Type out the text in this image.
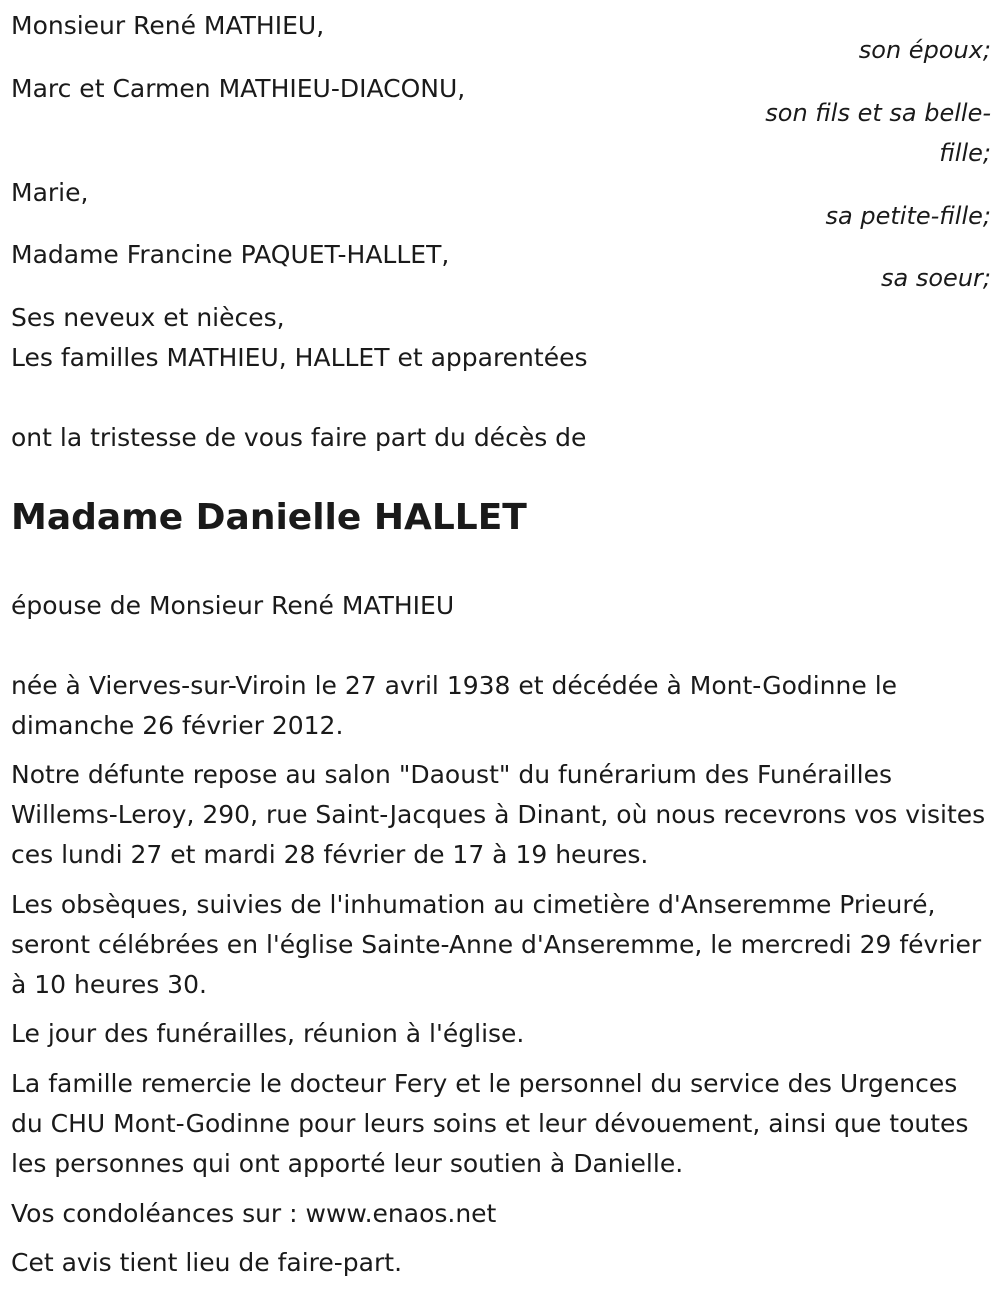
Monsieur René MATHIEU,

son époux;

Marc et Carmen MATHIEU-DIACONU,

son fils et sa belle-

fille;

Marie,

sa petite-fille;

Madame Francine PAQUET-HALLET,

sa soeur;

Ses neveux et nièces,

Les familles MATHIEU, HALLET et apparentées

ont la tristesse de vous faire part du décès de

Madame Danielle HALLET

épouse de Monsieur René MATHIEU

née à Vierves-sur-Viroin le 27 avril 1938 et décédée à Mont-Godinne le dimanche 26 février 2012.

Notre défunte repose au salon "Daoust" du funérarium des Funérailles Willems-Leroy, 290, rue Saint-Jacques à Dinant, où nous recevrons vos visites ces lundi 27 et mardi 28 février de 17 à 19 heures.

Les obsèques, suivies de l'inhumation au cimetière d'Anseremme Prieuré, seront célébrées en l'église Sainte-Anne d'Anseremme, le mercredi 29 février à 10 heures 30.

Le jour des funérailles, réunion à l'église.

La famille remercie le docteur Fery et le personnel du service des Urgences du CHU Mont-Godinne pour leurs soins et leur dévouement, ainsi que toutes les personnes qui ont apporté leur soutien à Danielle.

Vos condoléances sur : www.enaos.net

Cet avis tient lieu de faire-part.
